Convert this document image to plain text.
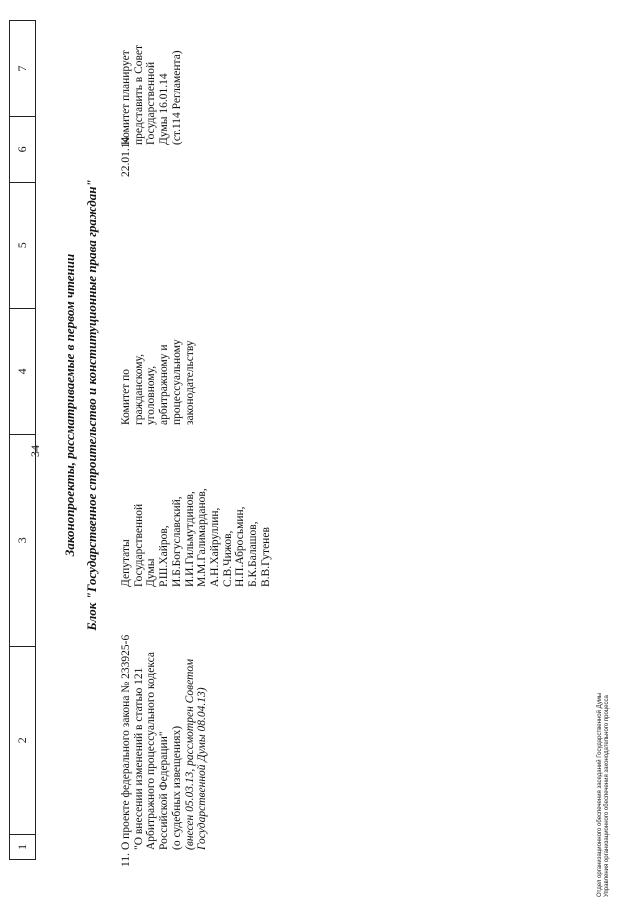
34
1
2
3
4
5
6
7
Законопроекты, рассматриваемые в первом чтении Блок "Государственное строительство и конституционные права граждан"
11.
О проекте федерального закона № 233925-6 "О внесении изменений в статью 121 Арбитражного процессуального кодекса Российской Федерации" (о судебных извещениях) (внесен 05.03.13, рассмотрен Советом Государственной Думы 08.04.13)
Депутаты Государственной Думы Р.Ш.Хайров, И.Б.Богуславский, И.И.Гильмутдинов, М.М.Галимарданов, А.Н.Хайруллин, С.В.Чижов, Н.П.Абросьмин, Б.К.Балашов, В.В.Гутенев
Комитет по гражданскому, уголовному, арбитражному и процессуальному законодательству
22.01.14
Комитет планирует представить в Совет Государственной Думы 16.01.14 (ст.114 Регламента)
Отдел организационного обеспечения заседаний Государственной Думы Управления организационного обеспечения законодательного процесса
